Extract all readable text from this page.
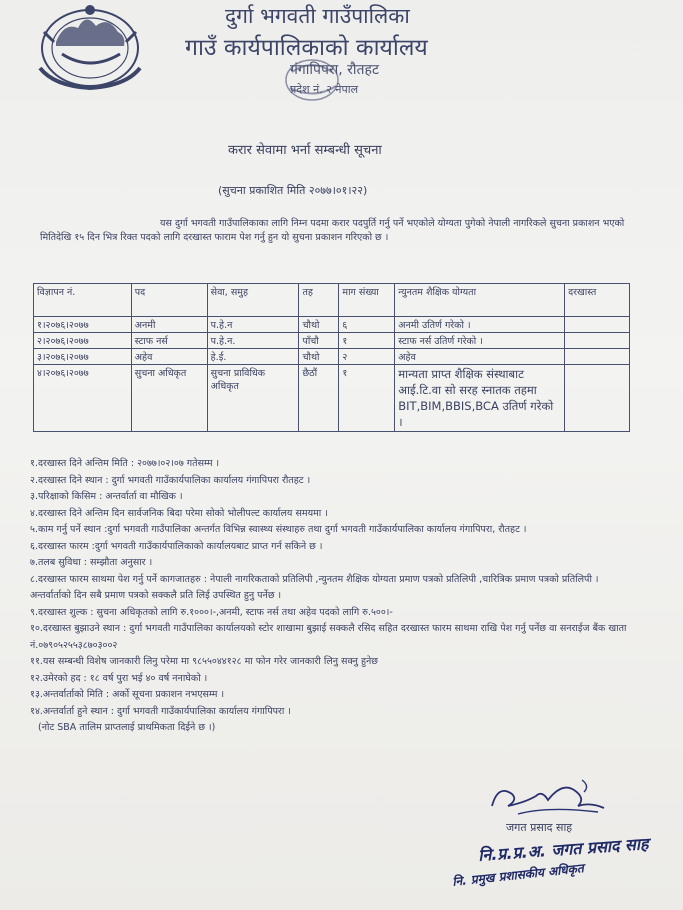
दुर्गा भगवती गाउँपालिका
गाउँ कार्यपालिकाको कार्यालय
गंगापिपरा, रौतहट
प्रदेश नं. २ नेपाल
करार सेवामा भर्ना सम्बन्धी सूचना
(सुचना प्रकाशित मिति २०७७।०१।२२)
यस दुर्गा भगवती गाउँपालिकाका लागि निम्न पदमा करार पदपुर्ति गर्नु पर्ने भएकोले योग्यता पुगेको नेपाली नागरिकले सुचना प्रकाशन भएको मितिदेखि १५ दिन भित्र रिक्त पदको लागि दरखास्त फाराम पेश गर्नु हुन यो सुचना प्रकाशन गरिएको छ ।
विज्ञापन नं.	पद	सेवा, समुह	तह	माग संख्या	न्युनतम शैक्षिक योग्यता	दरखास्त
१।२०७६।२०७७	अनमी	प.हे.न	चौथो	६	अनमी उतिर्ण गरेको ।	
२।२०७६।२०७७	स्टाफ नर्स	प.हे.न.	पाँचौ	१	स्टाफ नर्स उतिर्ण गरेको ।	
३।२०७६।२०७७	अहेव	हे.ई.	चौथो	२	अहेव	
४।२०७६।२०७७	सुचना अधिकृत	सुचना प्राविधिक अधिकृत	छैठौं	१	मान्यता प्राप्त शैक्षिक संस्थाबाट आई.टि.वा सो सरह स्नातक तहमा BIT,BIM,BBIS,BCA उतिर्ण गरेको ।	

१.दरखास्त दिने अन्तिम मिति : २०७७।०२।०७ गतेसम्म ।

२.दरखास्त दिने स्थान : दुर्गा भगवती गाउँकार्यपालिका कार्यालय गंगापिपरा रौतहट ।

३.परिक्षाको किसिम : अन्तर्वार्ता वा मौखिक ।

४.दरखास्त दिने अन्तिम दिन सार्वजनिक बिदा परेमा सोको भोलीपल्ट कार्यालय समयमा ।

५.काम गर्नु पर्ने स्थान :दुर्गा भगवती गाउँपालिका अन्तर्गत विभिन्न स्वास्थ्य संस्थाहरु तथा दुर्गा भगवती गाउँकार्यपालिका कार्यालय गंगापिपरा, रौतहट ।

६.दरखास्त फारम :दुर्गा भगवती गाउँकार्यपालिकाको कार्यालयबाट प्राप्त गर्न सकिने छ ।

७.तलब सुविधा : सम्झौता अनुसार ।

८.दरखास्त फारम साथमा पेश गर्नु पर्ने कागजातहरु : नेपाली नागरिकताको प्रतिलिपी ,न्युनतम शैक्षिक योग्यता प्रमाण पत्रको प्रतिलिपी ,चारित्रिक प्रमाण पत्रको प्रतिलिपी । अन्तर्वार्ताको दिन सबै प्रमाण पत्रको सक्कलै प्रति लिई उपस्थित हुनु पर्नेछ ।

९.दरखास्त शुल्क : सुचना अधिकृतको लागि रु.१०००।-,अनमी, स्टाफ नर्स तथा अहेव पदको लागि रु.५००।-

१०.दरखास्त बुझाउने स्थान : दुर्गा भगवती गाउँपालिका कार्यालयको स्टोर शाखामा बुझाई सक्कलै रसिद सहित दरखास्त फारम साथमा राखि पेश गर्नु पर्नेछ वा सनराईज बैंक खाता नं.०७९०५२५५३८७०३००२

११.यस सम्बन्धी विशेष जानकारी लिनु परेमा मा ९८५५०४४१२८ मा फोन गरेर जानकारी लिनु सक्नु हुनेछ

१२.उमेरको हद : १८ वर्ष पुरा भई ४० वर्ष ननाघेको ।

१३.अन्तर्वार्ताको मिति : अर्को सूचना प्रकाशन नभएसम्म ।

१४.अन्तर्वार्ता हुने स्थान : दुर्गा भगवती गाउँकार्यपालिका कार्यालय गंगापिपरा ।

(नोट SBA तालिम प्राप्तलाई प्राथमिकता दिईने छ ।)

जगत प्रसाद साह
नि.प्र.प्र.अ. जगत प्रसाद साह
नि. प्रमुख प्रशासकीय अधिकृत
